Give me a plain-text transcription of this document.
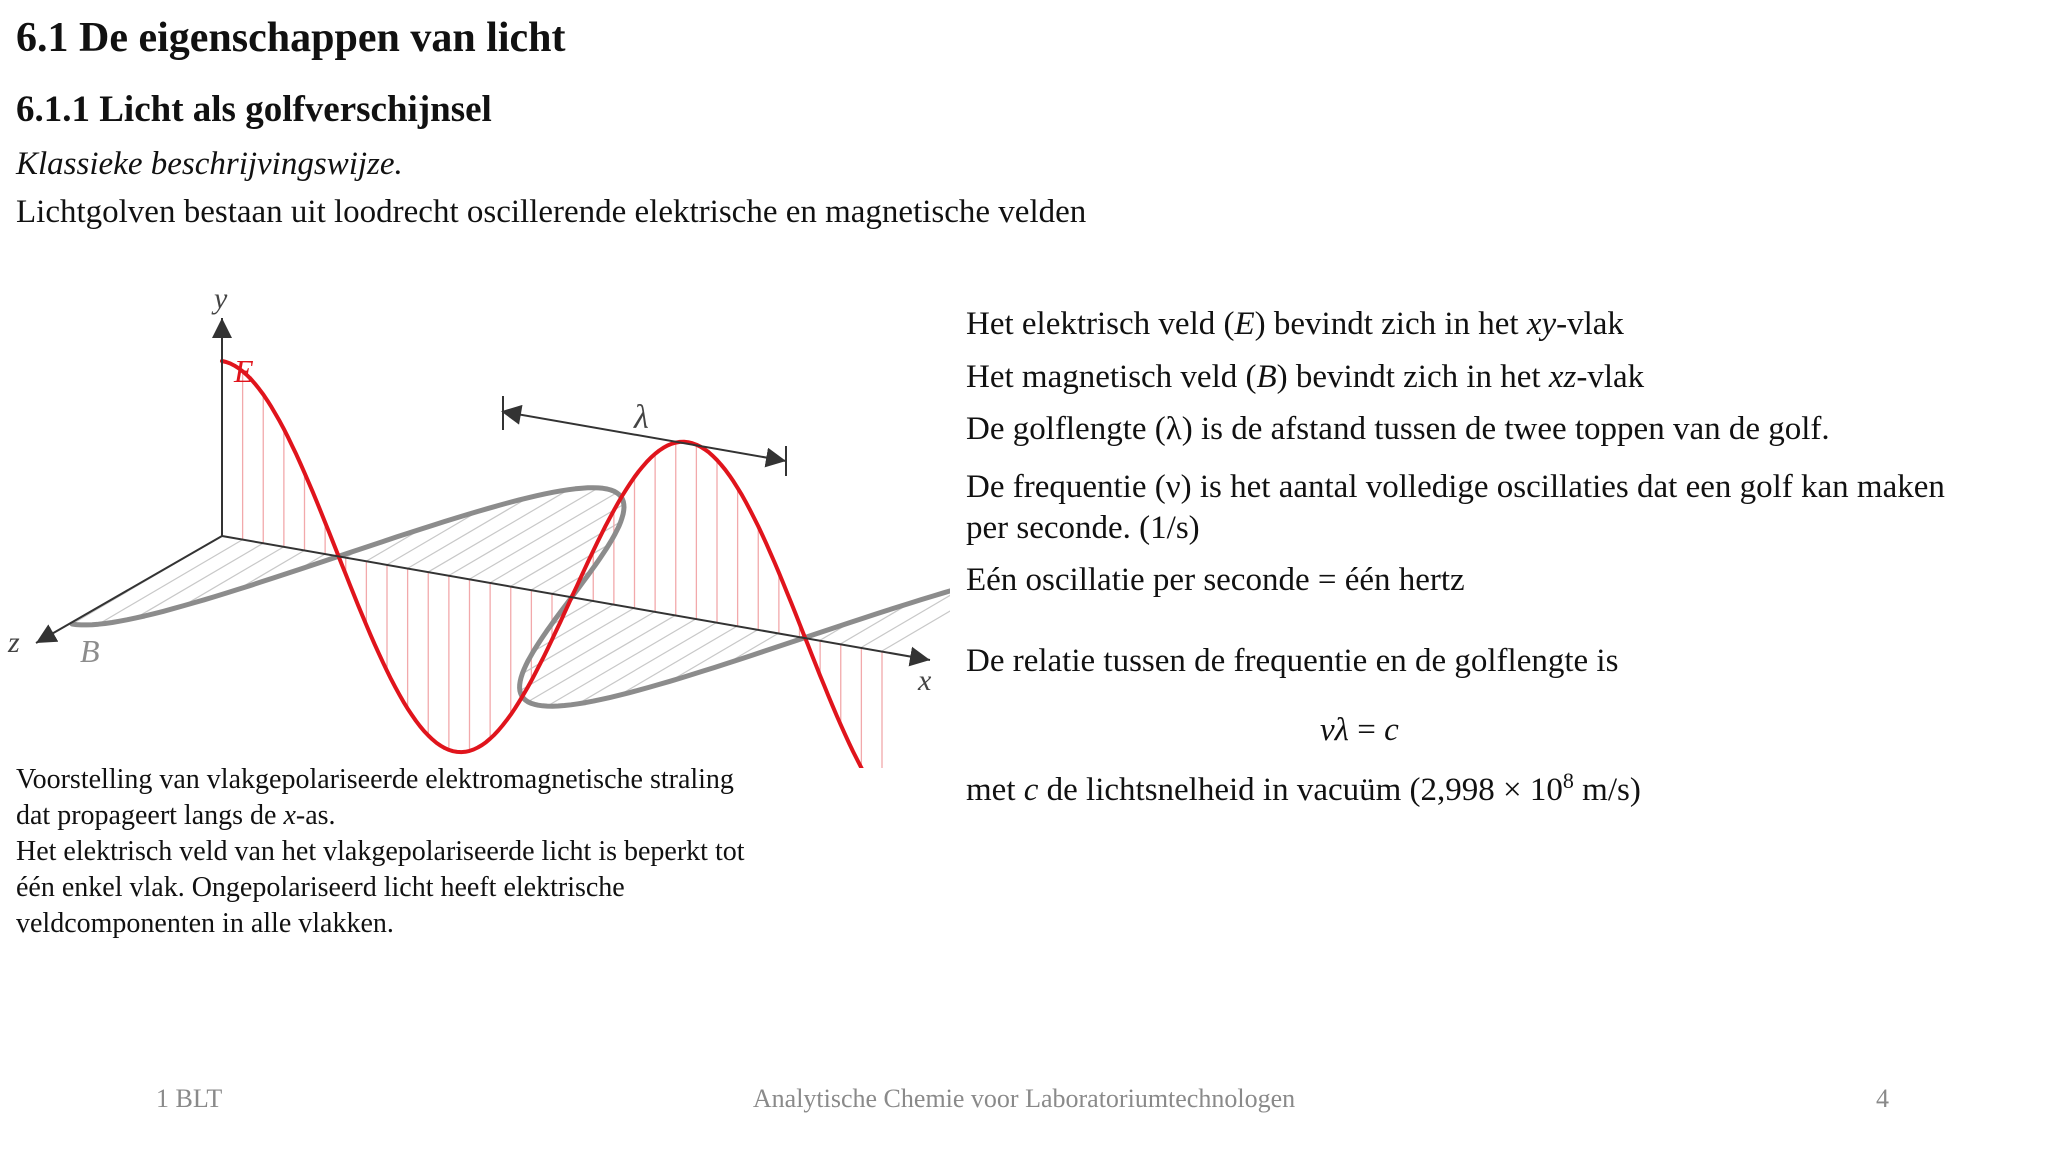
6.1 De eigenschappen van licht
6.1.1 Licht als golfverschijnsel
Klassieke beschrijvingswijze.
Lichtgolven bestaan uit loodrecht oscillerende elektrische en magnetische velden
y
x
z
E
B
λ
Voorstelling van vlakgepolariseerde elektromagnetische straling
dat propageert langs de x-as.
Het elektrisch veld van het vlakgepolariseerde licht is beperkt tot
één enkel vlak. Ongepolariseerd licht heeft elektrische
veldcomponenten in alle vlakken.
Het elektrisch veld (E) bevindt zich in het xy-vlak
Het magnetisch veld (B) bevindt zich in het xz-vlak
De golflengte (λ) is de afstand tussen de twee toppen van de golf.
De frequentie (ν) is het aantal volledige oscillaties dat een golf kan maken
per seconde. (1/s)
Eén oscillatie per seconde = één hertz
De relatie tussen de frequentie en de golflengte is
νλ = c
met c de lichtsnelheid in vacuüm ($2,998 \times 10^8$ m/s)
1 BLT	Analytische Chemie voor Laboratoriumtechnologen	4
